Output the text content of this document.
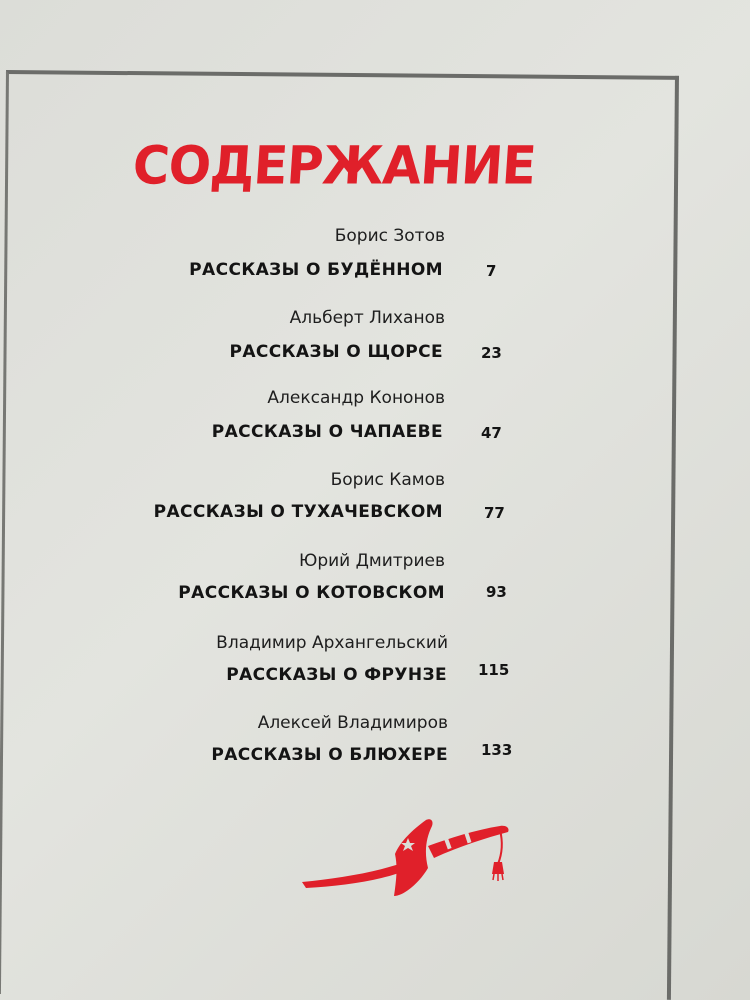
СОДЕРЖАНИЕ
Борис Зотов
РАССКАЗЫ О БУДЁННОМ	7
Альберт Лиханов
РАССКАЗЫ О ЩОРСЕ	23
Александр Кононов
РАССКАЗЫ О ЧАПАЕВЕ	47
Борис Камов
РАССКАЗЫ О ТУХАЧЕВСКОМ	77
Юрий Дмитриев
РАССКАЗЫ О КОТОВСКОМ	93
Владимир Архангельский
РАССКАЗЫ О ФРУНЗЕ 115
Алексей Владимиров
РАССКАЗЫ О БЛЮХЕРЕ 133
